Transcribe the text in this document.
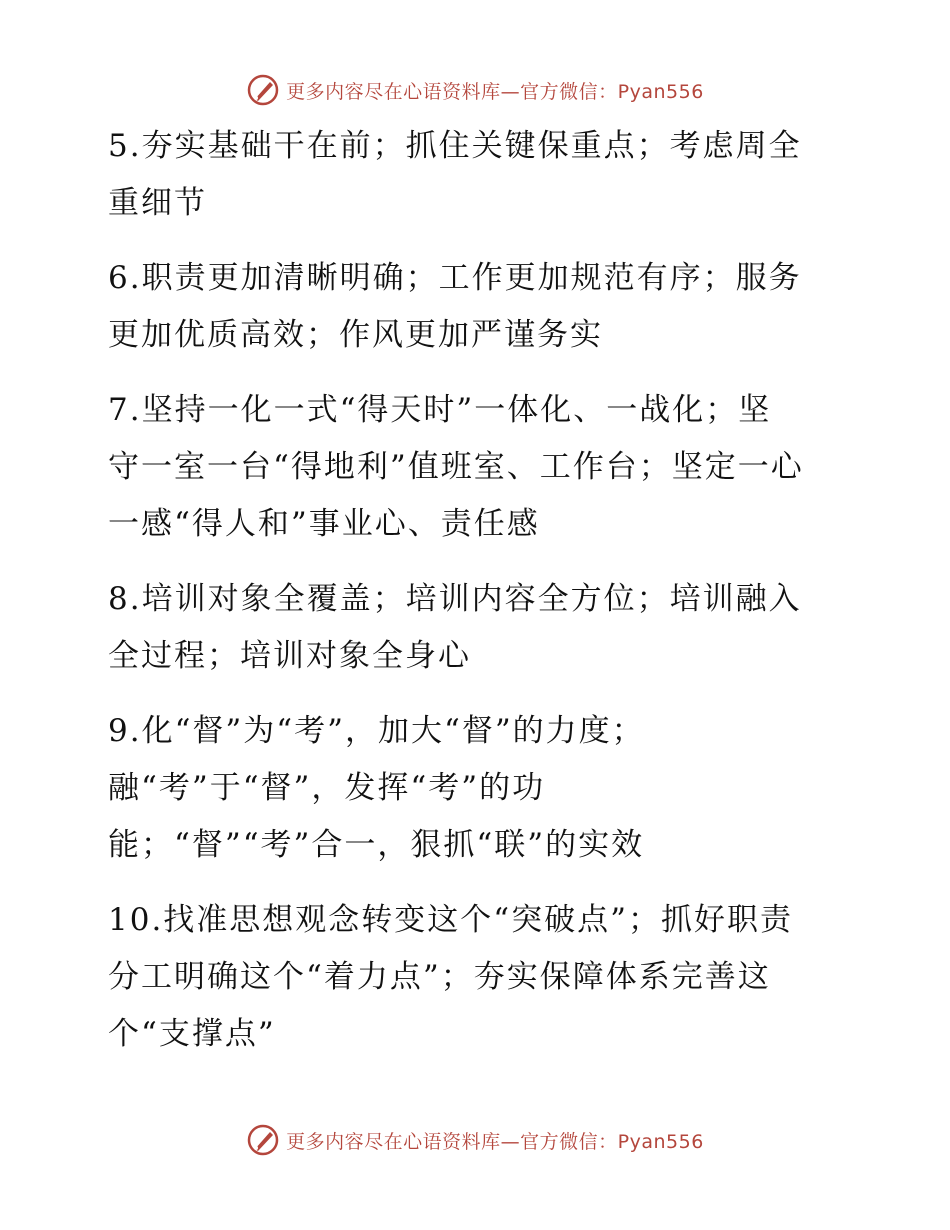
更多内容尽在心语资料库—官方微信：Pyan556

5.夯实基础干在前；抓住关键保重点；考虑周全
重细节

6.职责更加清晰明确；工作更加规范有序；服务
更加优质高效；作风更加严谨务实

7.坚持一化一式“得天时”一体化、一战化；坚
守一室一台“得地利”值班室、工作台；坚定一心
一感“得人和”事业心、责任感

8.培训对象全覆盖；培训内容全方位；培训融入
全过程；培训对象全身心

9.化“督”为“考”，加大“督”的力度；
融“考”于“督”，发挥“考”的功
能；“督”“考”合一，狠抓“联”的实效

10.找准思想观念转变这个“突破点”；抓好职责
分工明确这个“着力点”；夯实保障体系完善这
个“支撑点”

更多内容尽在心语资料库—官方微信：Pyan556
